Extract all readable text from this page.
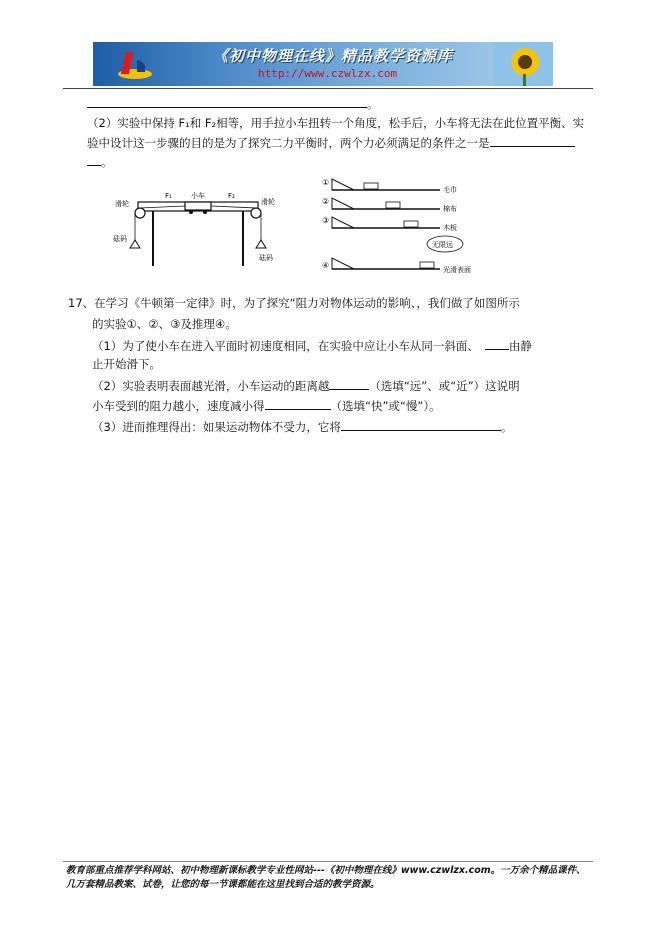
《初中物理在线》精品教学资源库
http://www.czwlzx.com
。
（2）实验中保持 F₁和 F₂相等，用手拉小车扭转一个角度，松手后，小车将无法在此位置平衡、实
验中设计这一步骤的目的是为了探究二力平衡时，两个力必须满足的条件之一是
。
F₁	小车	F₂
滑轮	滑轮
砝码
砝码
①
毛巾
②
棉布
③
木板
④
无限远
光滑表面
17、在学习《牛顿第一定律》时，为了探究“阻力对物体运动的影响、，我们做了如图所示
的实验①、②、③及推理④。
（1）为了使小车在进入平面时初速度相同，在实验中应让小车从同一斜面、	由静
止开始滑下。
（2）实验表明表面越光滑，小车运动的距离越	（选填“远”、或“近”）这说明
小车受到的阻力越小，速度减小得	（选填“快”或“慢”）。
（3）进而推理得出：如果运动物体不受力，它将	。
教育部重点推荐学科网站、初中物理新课标教学专业性网站---《初中物理在线》www.czwlzx.com。一万余个精品课件、
几万套精品教案、试卷，让您的每一节课都能在这里找到合适的教学资源。
